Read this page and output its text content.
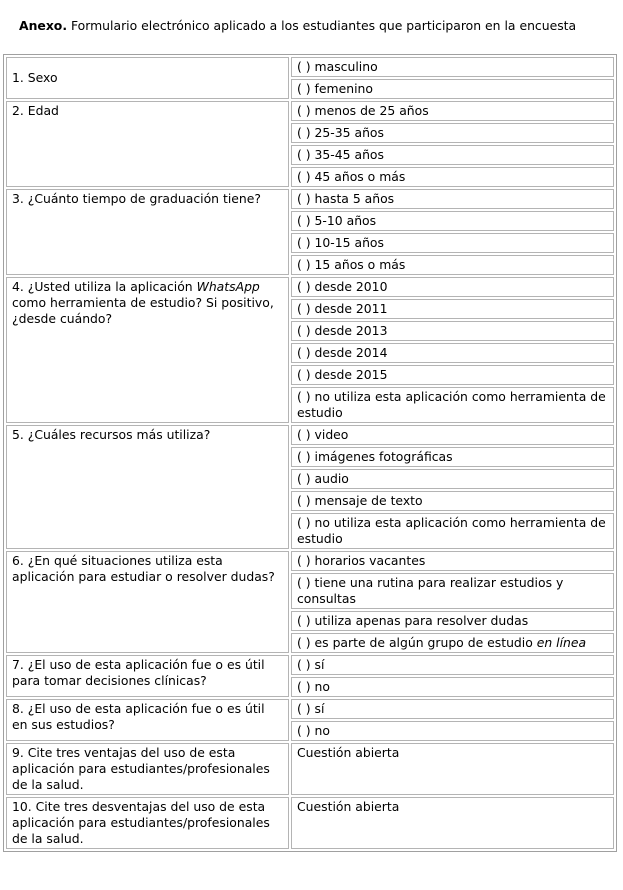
Anexo. Formulario electrónico aplicado a los estudiantes que participaron en la encuesta
1. Sexo	( ) masculino
	( ) femenino
2. Edad	( ) menos de 25 años
	( ) 25-35 años
	( ) 35-45 años
	( ) 45 años o más
3. ¿Cuánto tiempo de graduación tiene?	( ) hasta 5 años
	( ) 5-10 años
	( ) 10-15 años
	( ) 15 años o más
4. ¿Usted utiliza la aplicación WhatsApp como herramienta de estudio? Si positivo, ¿desde cuándo?	( ) desde 2010
	( ) desde 2011
	( ) desde 2013
	( ) desde 2014
	( ) desde 2015
	( ) no utiliza esta aplicación como herramienta de estudio
5. ¿Cuáles recursos más utiliza?	( ) video
	( ) imágenes fotográficas
	( ) audio
	( ) mensaje de texto
	( ) no utiliza esta aplicación como herramienta de estudio
6. ¿En qué situaciones utiliza esta aplicación para estudiar o resolver dudas?	( ) horarios vacantes
	( ) tiene una rutina para realizar estudios y consultas
	( ) utiliza apenas para resolver dudas
	( ) es parte de algún grupo de estudio en línea
7. ¿El uso de esta aplicación fue o es útil para tomar decisiones clínicas?	( ) sí
	( ) no
8. ¿El uso de esta aplicación fue o es útil en sus estudios?	( ) sí
	( ) no
9. Cite tres ventajas del uso de esta aplicación para estudiantes/profesionales de la salud.	Cuestión abierta
10. Cite tres desventajas del uso de esta aplicación para estudiantes/profesionales de la salud.	Cuestión abierta
